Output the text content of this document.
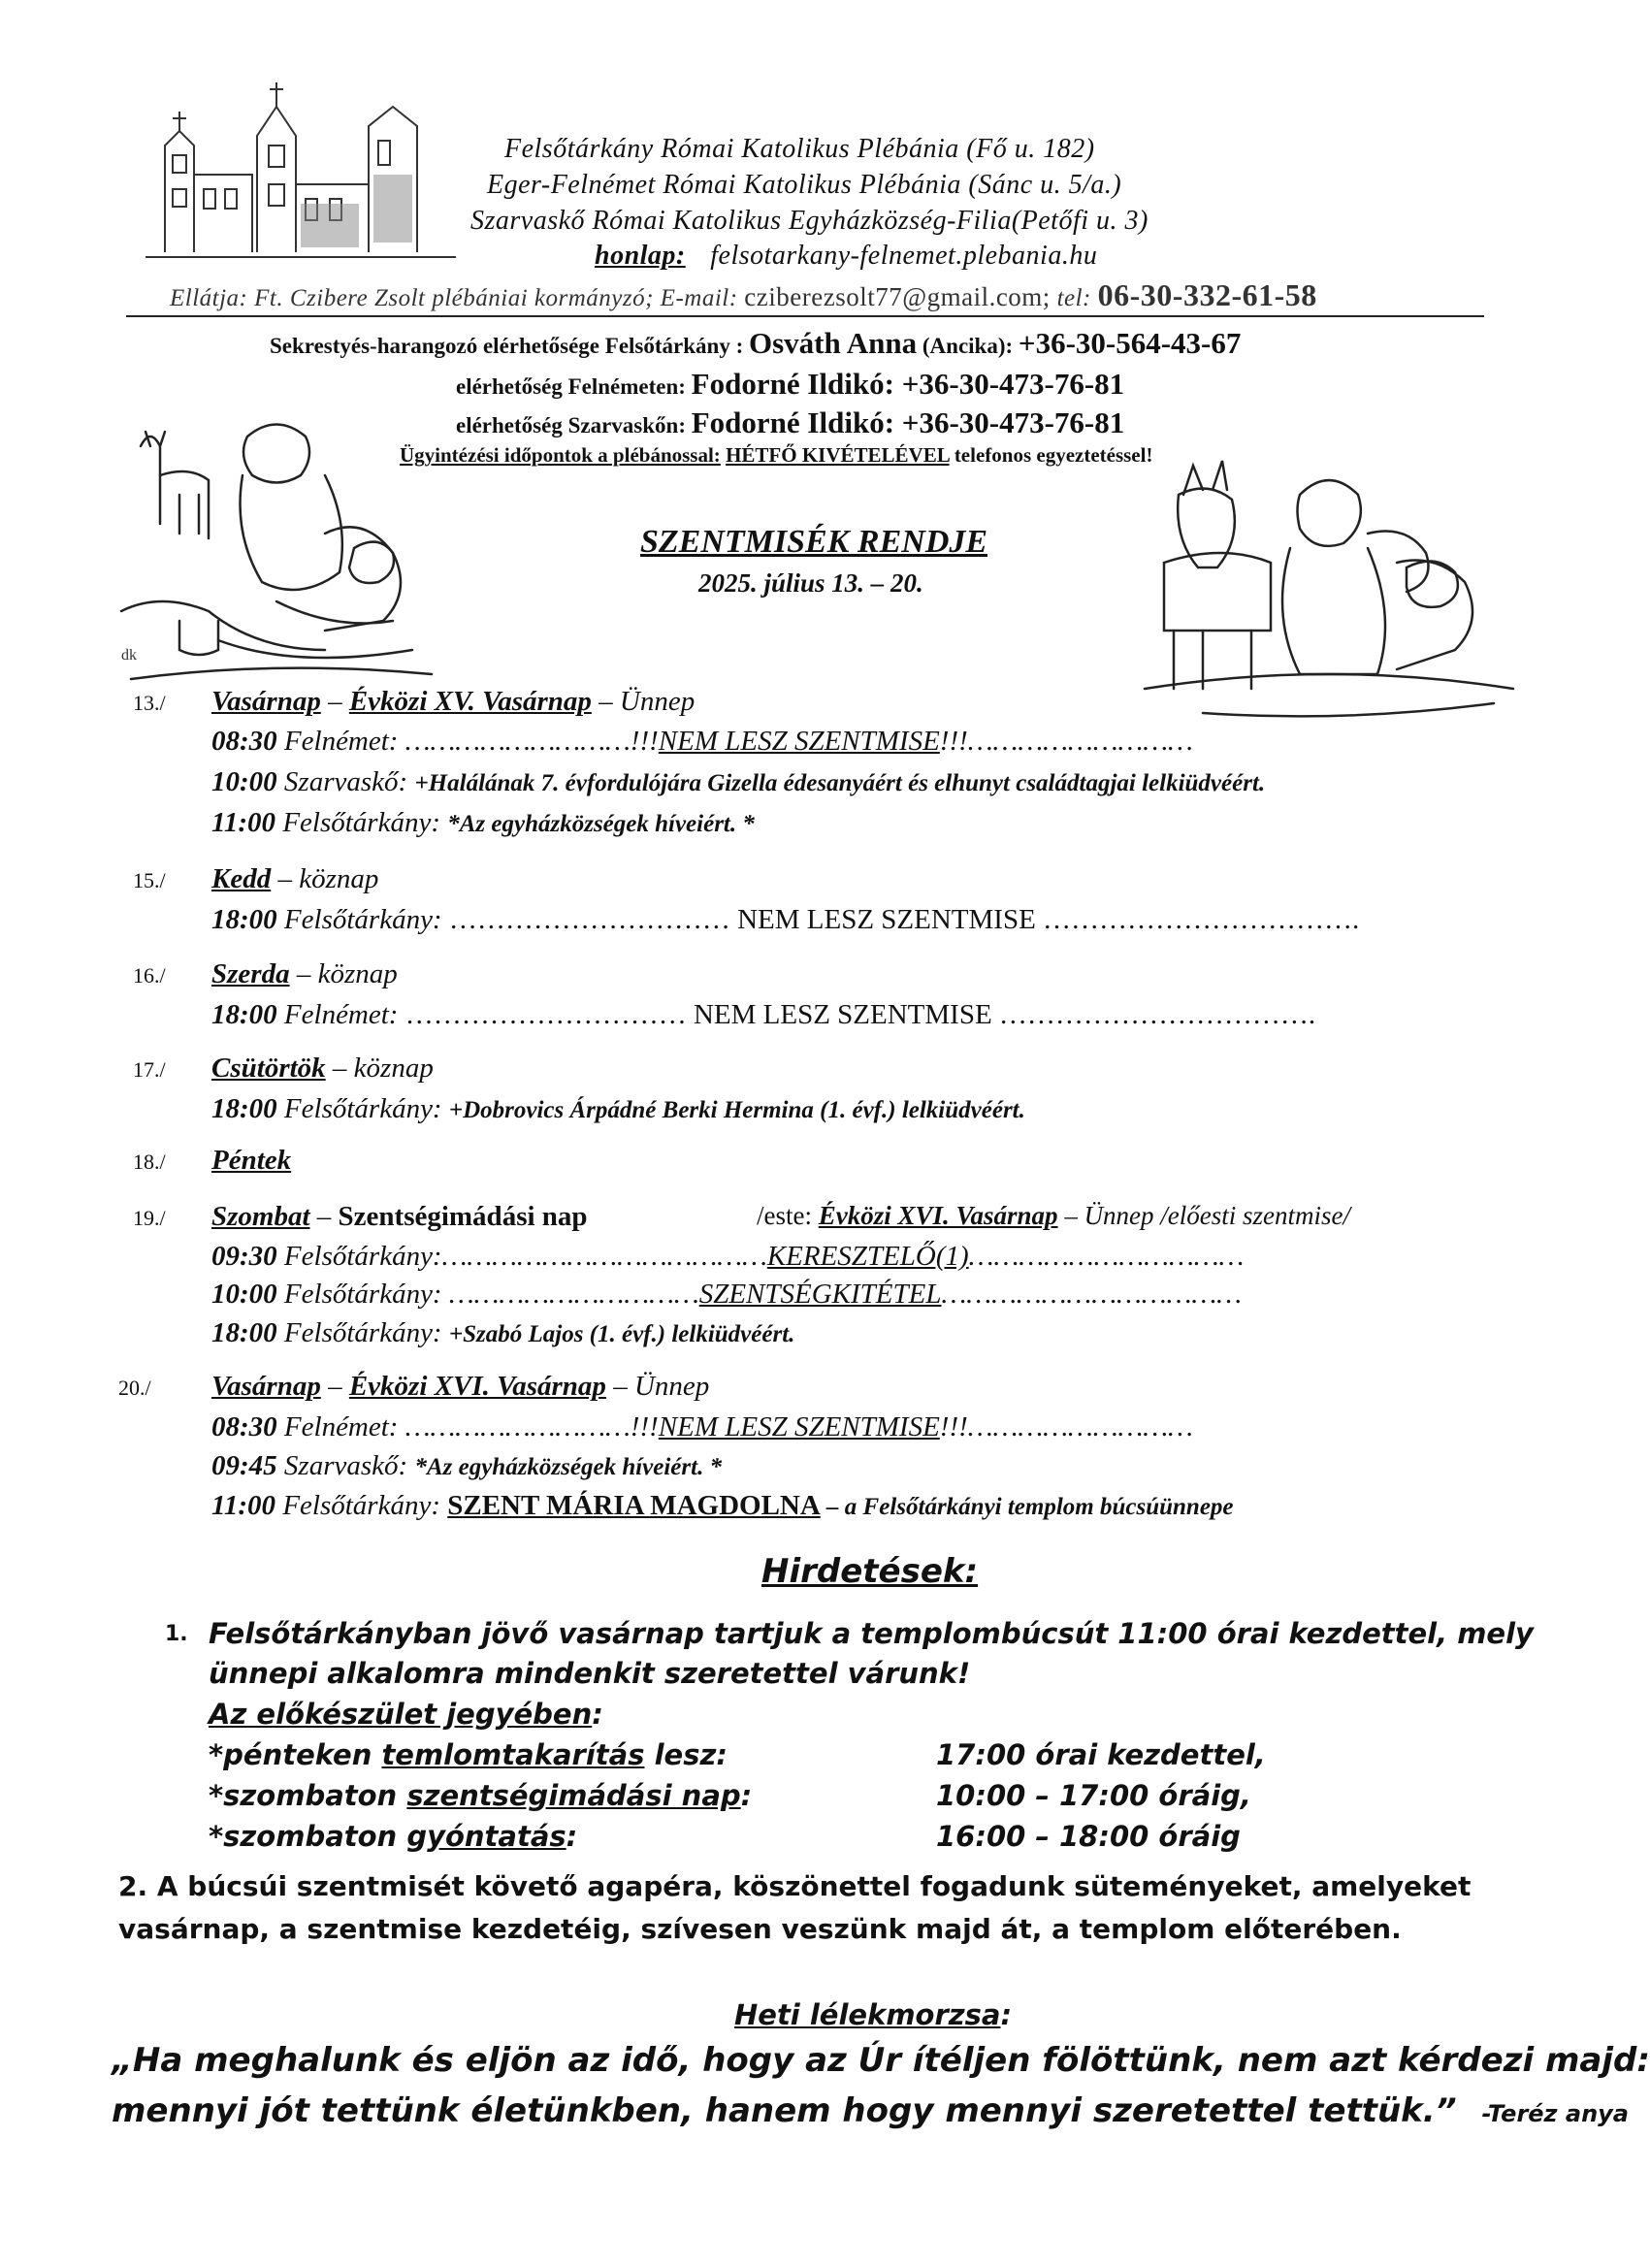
Felsőtárkány Római Katolikus Plébánia (Fő u. 182)
Eger-Felnémet Római Katolikus Plébánia (Sánc u. 5/a.)
Szarvaskő Római Katolikus Egyházközség-Filia(Petőfi u. 3)
honlap: felsotarkany-felnemet.plebania.hu
Ellátja: Ft. Czibere Zsolt plébániai kormányzó; E-mail: cziberezsolt77@gmail.com; tel: 06-30-332-61-58
Sekrestyés-harangozó elérhetősége Felsőtárkány : Osváth Anna (Ancika): +36-30-564-43-67
elérhetőség Felnémeten: Fodorné Ildikó: +36-30-473-76-81
elérhetőség Szarvaskőn: Fodorné Ildikó: +36-30-473-76-81
Ügyintézési időpontok a plébánossal: HÉTFŐ KIVÉTELÉVEL telefonos egyeztetéssel!
dk
SZENTMISÉK RENDJE
2025. július 13. – 20.
13./ Vasárnap – Évközi XV. Vasárnap – Ünnep
08:30 Felnémet: ………………………!!!NEM LESZ SZENTMISE!!!………………………
10:00 Szarvaskő: +Halálának 7. évfordulójára Gizella édesanyáért és elhunyt családtagjai lelkiüdvéért.
11:00 Felsőtárkány: *Az egyházközségek híveiért. *
15./ Kedd – köznap
18:00 Felsőtárkány: ………………………… NEM LESZ SZENTMISE …………………………….
16./ Szerda – köznap
18:00 Felnémet: ………………………… NEM LESZ SZENTMISE …………………………….
17./ Csütörtök – köznap
18:00 Felsőtárkány: +Dobrovics Árpádné Berki Hermina (1. évf.) lelkiüdvéért.
18./ Péntek
19./ Szombat – Szentségimádási nap	/este: Évközi XVI. Vasárnap – Ünnep /előesti szentmise/
09:30 Felsőtárkány:…………………………………KERESZTELŐ(1)……………………………
10:00 Felsőtárkány: …………………………SZENTSÉGKITÉTEL………………………………
18:00 Felsőtárkány: +Szabó Lajos (1. évf.) lelkiüdvéért.
20./ Vasárnap – Évközi XVI. Vasárnap – Ünnep
08:30 Felnémet: ………………………!!!NEM LESZ SZENTMISE!!!………………………
09:45 Szarvaskő: *Az egyházközségek híveiért. *
11:00 Felsőtárkány: SZENT MÁRIA MAGDOLNA – a Felsőtárkányi templom búcsúünnepe
Hirdetések:
1. Felsőtárkányban jövő vasárnap tartjuk a templombúcsút 11:00 órai kezdettel, mely
ünnepi alkalomra mindenkit szeretettel várunk!
Az előkészület jegyében:
*pénteken temlomtakarítás lesz:	17:00 órai kezdettel,
*szombaton szentségimádási nap:	10:00 – 17:00 óráig,
*szombaton gyóntatás:	16:00 – 18:00 óráig
2. A búcsúi szentmisét követő agapéra, köszönettel fogadunk süteményeket, amelyeket
vasárnap, a szentmise kezdetéig, szívesen veszünk majd át, a templom előterében.
Heti lélekmorzsa:
„Ha meghalunk és eljön az idő, hogy az Úr ítéljen fölöttünk, nem azt kérdezi majd:
mennyi jót tettünk életünkben, hanem hogy mennyi szeretettel tettük.” -Teréz anya
